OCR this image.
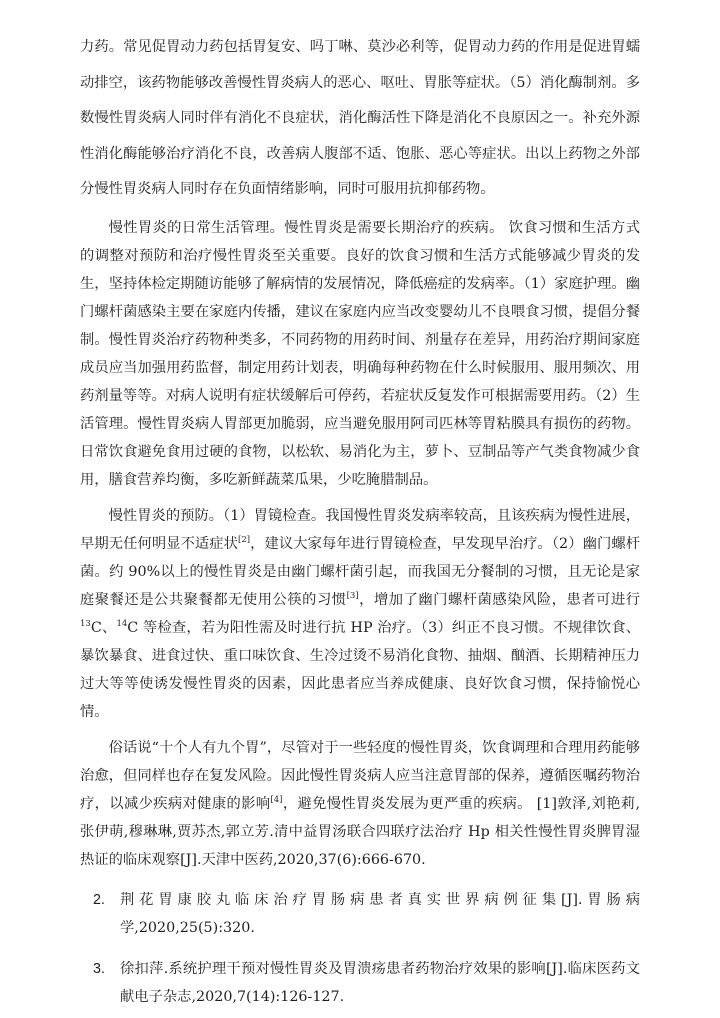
力药。常见促胃动力药包括胃复安、吗丁啉、莫沙必利等，促胃动力药的作用是促进胃蠕动排空，该药物能够改善慢性胃炎病人的恶心、呕吐、胃胀等症状。（5）消化酶制剂。多数慢性胃炎病人同时伴有消化不良症状，消化酶活性下降是消化不良原因之一。补充外源性消化酶能够治疗消化不良，改善病人腹部不适、饱胀、恶心等症状。出以上药物之外部分慢性胃炎病人同时存在负面情绪影响，同时可服用抗抑郁药物。

慢性胃炎的日常生活管理。慢性胃炎是需要长期治疗的疾病。 饮食习惯和生活方式的调整对预防和治疗慢性胃炎至关重要。良好的饮食习惯和生活方式能够减少胃炎的发生，坚持体检定期随访能够了解病情的发展情况，降低癌症的发病率。（1）家庭护理。幽门螺杆菌感染主要在家庭内传播，建议在家庭内应当改变婴幼儿不良喂食习惯，提倡分餐制。慢性胃炎治疗药物种类多，不同药物的用药时间、剂量存在差异，用药治疗期间家庭成员应当加强用药监督，制定用药计划表，明确每种药物在什么时候服用、服用频次、用药剂量等等。对病人说明有症状缓解后可停药，若症状反复发作可根据需要用药。（2）生活管理。慢性胃炎病人胃部更加脆弱，应当避免服用阿司匹林等胃粘膜具有损伤的药物。日常饮食避免食用过硬的食物，以松软、易消化为主，萝卜、豆制品等产气类食物减少食用，膳食营养均衡，多吃新鲜蔬菜瓜果，少吃腌腊制品。

慢性胃炎的预防。（1）胃镜检查。我国慢性胃炎发病率较高，且该疾病为慢性进展，早期无任何明显不适症状[2]，建议大家每年进行胃镜检查，早发现早治疗。（2）幽门螺杆菌。约 90%以上的慢性胃炎是由幽门螺杆菌引起，而我国无分餐制的习惯，且无论是家庭聚餐还是公共聚餐都无使用公筷的习惯[3]，增加了幽门螺杆菌感染风险，患者可进行 $^{13}$C、$^{14}$C 等检查，若为阳性需及时进行抗 HP 治疗。（3）纠正不良习惯。不规律饮食、暴饮暴食、进食过快、重口味饮食、生冷过烫不易消化食物、抽烟、酗酒、长期精神压力过大等等使诱发慢性胃炎的因素，因此患者应当养成健康、良好饮食习惯，保持愉悦心情。

俗话说“十个人有九个胃”，尽管对于一些轻度的慢性胃炎，饮食调理和合理用药能够治愈，但同样也存在复发风险。因此慢性胃炎病人应当注意胃部的保养，遵循医嘱药物治疗，以减少疾病对健康的影响[4]，避免慢性胃炎发展为更严重的疾病。 [1]敦泽,刘艳莉,张伊萌,穆琳琳,贾苏杰,郭立芳.清中益胃汤联合四联疗法治疗 Hp 相关性慢性胃炎脾胃湿热证的临床观察[J].天津中医药,2020,37(6):666-670.

2. 荆花胃康胶丸临床治疗胃肠病患者真实世界病例征集[J].胃肠病学,2020,25(5):320.
3. 徐扣萍.系统护理干预对慢性胃炎及胃溃疡患者药物治疗效果的影响[J].临床医药文献电子杂志,2020,7(14):126-127.
